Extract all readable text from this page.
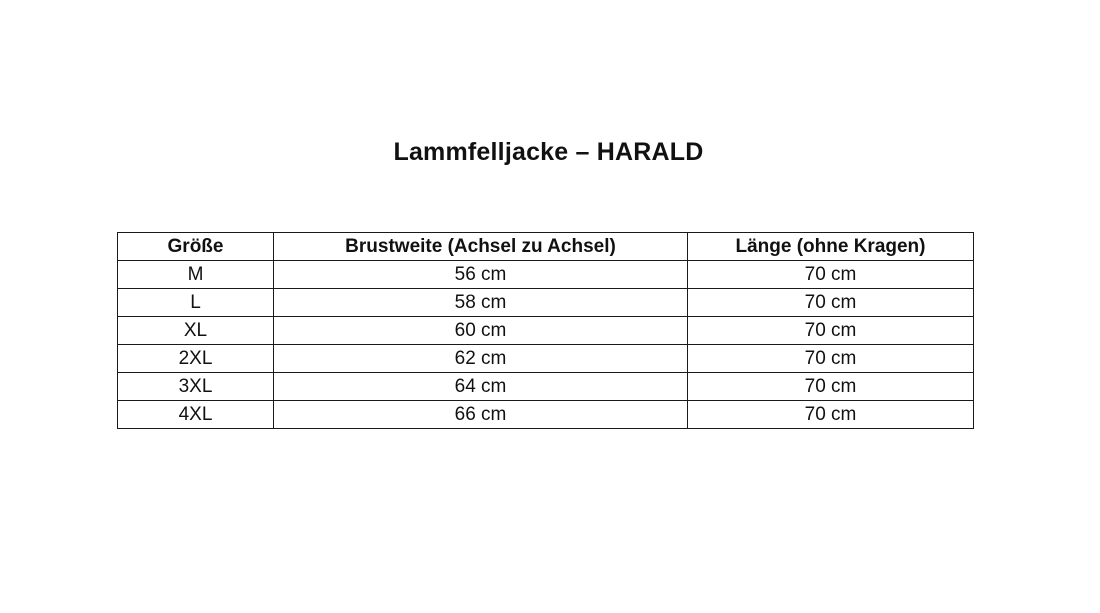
Lammfelljacke – HARALD
Größe	Brustweite (Achsel zu Achsel)	Länge (ohne Kragen)
M	56 cm	70 cm
L	58 cm	70 cm
XL	60 cm	70 cm
2XL	62 cm	70 cm
3XL	64 cm	70 cm
4XL	66 cm	70 cm
